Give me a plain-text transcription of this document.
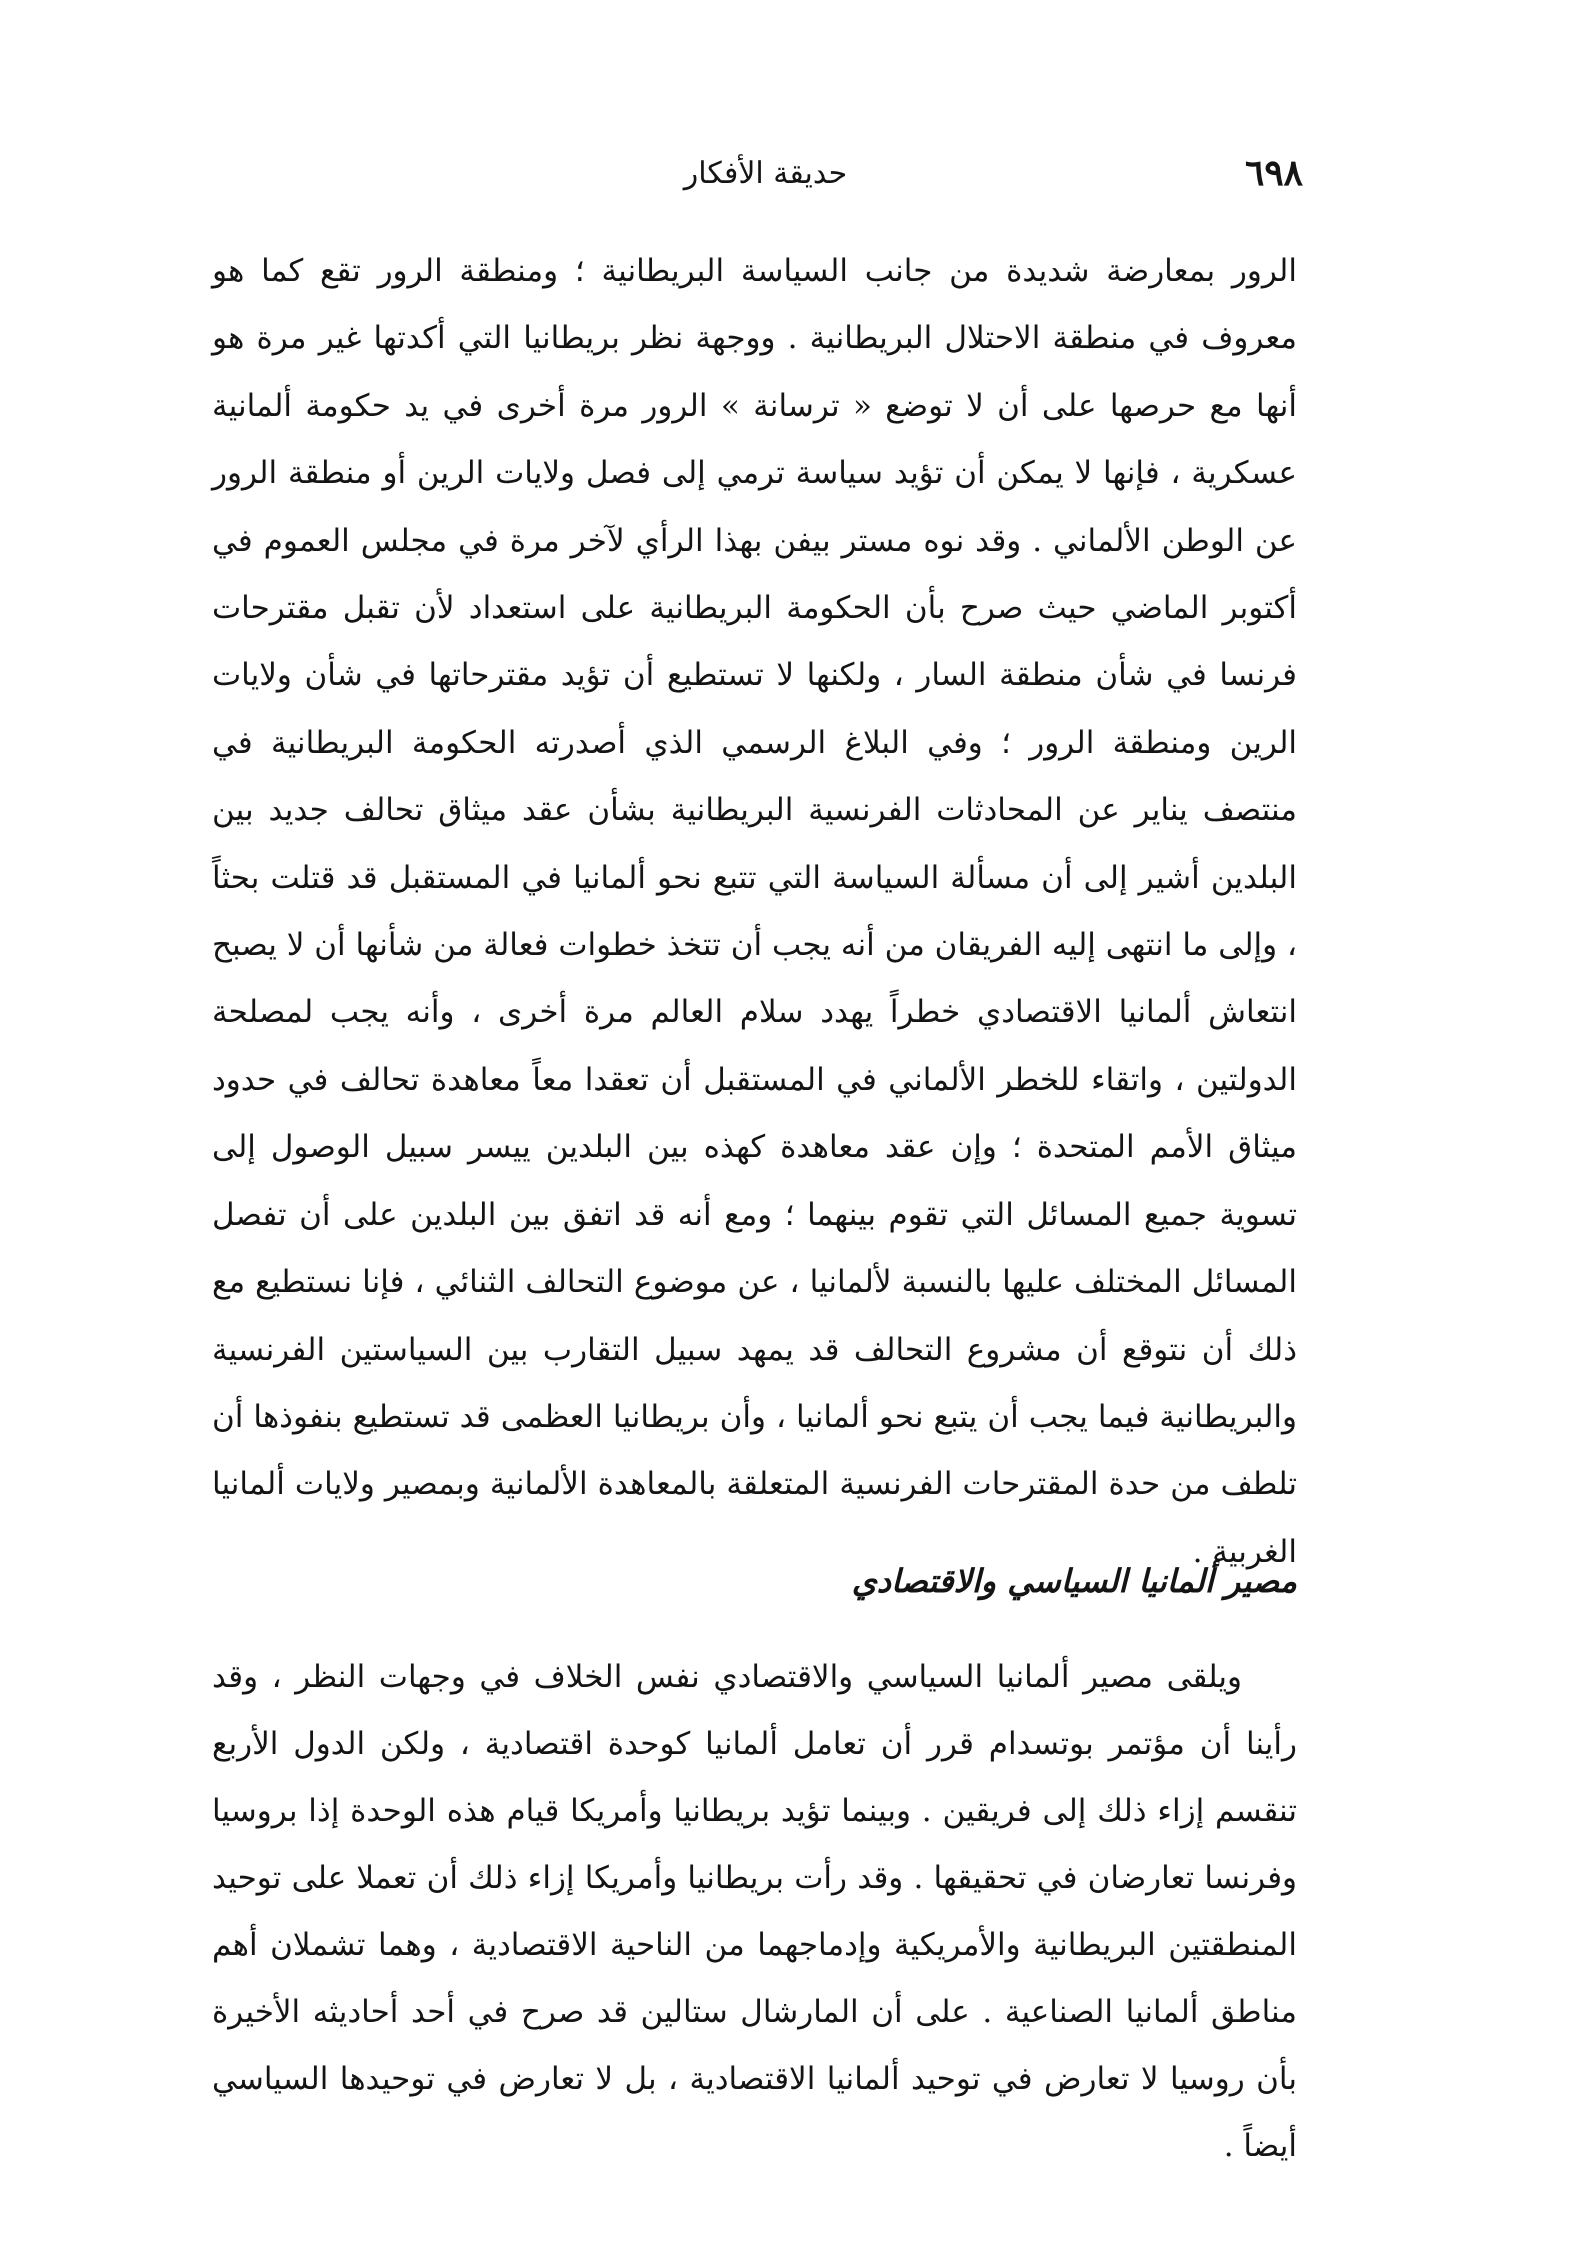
٦٩٨
حديقة الأفكار

الرور بمعارضة شديدة من جانب السياسة البريطانية ؛ ومنطقة الرور تقع كما هو معروف في منطقة الاحتلال البريطانية . ووجهة نظر بريطانيا التي أكدتها غير مرة هو أنها مع حرصها على أن لا توضع « ترسانة » الرور مرة أخرى في يد حكومة ألمانية عسكرية ، فإنها لا يمكن أن تؤيد سياسة ترمي إلى فصل ولايات الرين أو منطقة الرور عن الوطن الألماني . وقد نوه مستر بيفن بهذا الرأي لآخر مرة في مجلس العموم في أكتوبر الماضي حيث صرح بأن الحكومة البريطانية على استعداد لأن تقبل مقترحات فرنسا في شأن منطقة السار ، ولكنها لا تستطيع أن تؤيد مقترحاتها في شأن ولايات الرين ومنطقة الرور ؛ وفي البلاغ الرسمي الذي أصدرته الحكومة البريطانية في منتصف يناير عن المحادثات الفرنسية البريطانية بشأن عقد ميثاق تحالف جديد بين البلدين أشير إلى أن مسألة السياسة التي تتبع نحو ألمانيا في المستقبل قد قتلت بحثاً ، وإلى ما انتهى إليه الفريقان من أنه يجب أن تتخذ خطوات فعالة من شأنها أن لا يصبح انتعاش ألمانيا الاقتصادي خطراً يهدد سلام العالم مرة أخرى ، وأنه يجب لمصلحة الدولتين ، واتقاء للخطر الألماني في المستقبل أن تعقدا معاً معاهدة تحالف في حدود ميثاق الأمم المتحدة ؛ وإن عقد معاهدة كهذه بين البلدين ييسر سبيل الوصول إلى تسوية جميع المسائل التي تقوم بينهما ؛ ومع أنه قد اتفق بين البلدين على أن تفصل المسائل المختلف عليها بالنسبة لألمانيا ، عن موضوع التحالف الثنائي ، فإنا نستطيع مع ذلك أن نتوقع أن مشروع التحالف قد يمهد سبيل التقارب بين السياستين الفرنسية والبريطانية فيما يجب أن يتبع نحو ألمانيا ، وأن بريطانيا العظمى قد تستطيع بنفوذها أن تلطف من حدة المقترحات الفرنسية المتعلقة بالمعاهدة الألمانية وبمصير ولايات ألمانيا الغربية .

مصير ألمانيا السياسي والاقتصادي

ويلقى مصير ألمانيا السياسي والاقتصادي نفس الخلاف في وجهات النظر ، وقد رأينا أن مؤتمر بوتسدام قرر أن تعامل ألمانيا كوحدة اقتصادية ، ولكن الدول الأربع تنقسم إزاء ذلك إلى فريقين . وبينما تؤيد بريطانيا وأمريكا قيام هذه الوحدة إذا بروسيا وفرنسا تعارضان في تحقيقها . وقد رأت بريطانيا وأمريكا إزاء ذلك أن تعملا على توحيد المنطقتين البريطانية والأمريكية وإدماجهما من الناحية الاقتصادية ، وهما تشملان أهم مناطق ألمانيا الصناعية . على أن المارشال ستالين قد صرح في أحد أحاديثه الأخيرة بأن روسيا لا تعارض في توحيد ألمانيا الاقتصادية ، بل لا تعارض في توحيدها السياسي أيضاً .
